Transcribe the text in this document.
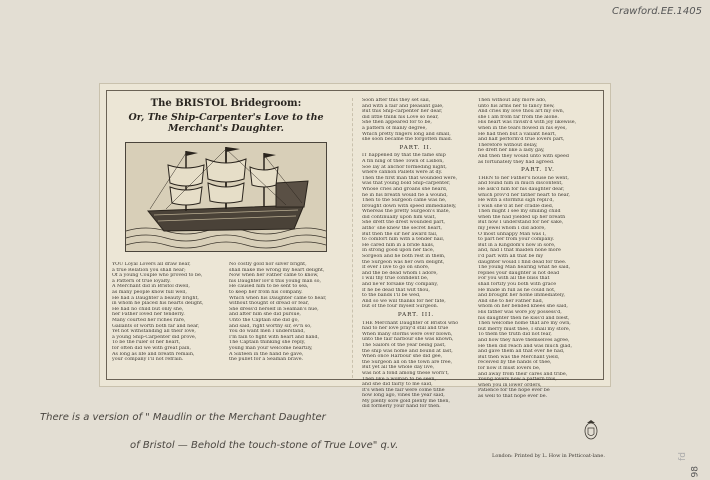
Crawford.EE.1405
The BRISTOL Bridegroom:
Or, The Ship-Carpenter's Love to the Merchant's Daughter.
YOU Loyal Lovers all draw near,
a true Relation you shall hear;
Of a young Couple who proved to be,
a Pattern of true loyalty.
A Merchant did in Bristol dwell,
as many people know full well,
He had a Daughter a beauty bright,
in whom he placed his hearts delight,
He had no child but only she,
her Father loved her tenderly.
Many courted her riches rare,
Gallants of worth both far and near,
Yet not withstanding all their love,
a young Ship-Carpenter did prove,
To be the ruler of her heart,
for often did we with great pain,
As long as life and breath remain,
your company I'll not refrain.
No costly gold nor silver bright,
shall make me wrong my heart delight,
Now when her Father came to know,
his Daughter lov'd this young man so,
He caused him to be sent to sea,
to keep her from his company.
Which when his Daughter came to hear,
without thought of dread or fear,
She dress'd herself in Seaman's hue,
and after him she did pursue,
Unto the Captain she did go,
and said, right worthy sir, ev'n so,
You do want men I understand,
I'm fain to fight with heart and hand,
The Captain thinking she reply,
young man your welcome heartily,
A Sixteen in the hand he gave,
the pullet for a Seaman brave.
Soon after this they set sail,
and with a fair and pleasant gale,
But this Ship-carpenter her dear,
did little think his Love so near,
She then appeared for to be,
a pattern of manly degree,
Which pretty fingers long and small,
she soon became the forgotten maid.
PART. II.
IT happened by that the fame ship
A fin ning of thee Town of Lisbon,
Soe lay at anchor formeding night,
where cannon Pallets were at dy.
Then the first man that wounded were,
was that young bold Ship-carpenter,
Whose cries and groans she heard,
he in his breath would fie a wound,
Then to the Surgeon came was he,
brought down with speed immediately,
Whereas the pretty Surgeon's mate,
did continually upon him wait,
She dreft the drest wounded part,
altho' she knew the secret heart,
But then the sir her award fail,
to comfort him with a tender hail,
He cared him in a bride hails,
In strong good upon her face,
Sorgeon and he both rest in them,
the Surgeon was her own delight,
If ever I live to go on shore,
and the be dead whom I adore,
I will thy true confident be,
and ne'er forsake thy company,
If he be dead that wilt thou,
to the bands I'll be wed,
And so we will thanks for her fate,
but of the four myself Surgeon.
PART. III.
THE Merchant Daughter of Bristol who
had to her love pray'd still and true
When many storms were over blown,
unto the fair harbour she was known,
The Sailors of the year being past,
the ship was home and bound at last,
When once Harbour she did gee,
the Surgeon all on the town are free,
But yet all the whole day live,
was not a fond among these worn't,
Then like a woman to be seen,
and she did fairly to me said,
It's when the fair were come tithe
now long ago, vines the year said,
My plenty sore gold plenty me then,
did formerly your hand for then.
Then without any more ado,
unto his arms her to fancy flew,
And cries my love thou art my own,
she I am from far from the alone.
His heart was ravish'd with joy likewise,
when in the tears flowed in his eyes,
He had then but a valiant heart,
and half perform'd true lovers part,
Therefore without delay,
he dreft her like a lady gay,
And then they would unto with speed
as fortunately they had agreed.
PART. IV.
THEN to her Father's house he went,
and found him in much discontent,
He ask'd him for his daughter dear,
which prov'd her father heart to hear,
He with a stormful sigh repli'd,
I wish she'd at her cradle died,
Then might I see my smiling child
when the had yielded up her breath
But now I understand for her sake,
my Jewel whom I did adore,
O most unhappy Man was I,
to part her from your company.
But in a Kingdom's now in sore,
and, had I that maiden none more
I'd part with all that be my
daughter would I find dead for thee.
The young Man hearing what he said,
replies your daughter is not dead
For you with all the bliss that
shall fortify you both with grace
He made in full as he could not,
and brought her home immediately,
And she to her Father had,
whom on her bended knees she said,
His father was wore joy possess'd,
his daughter then he kiss'd and blest,
Then welcome home that are my own,
but merry must thee, I shall my store,
To them the truth did not fear,
and how they have themselves agree,
He then did reach and was much glad,
and gave them all that ever he had,
But then was the Merchant yield,
received by the hands of thee,
for now it must lovers be,
and away from their cares and tribe,
Young lovers now a pattern this,
when you in lower orders,
Patience for the hope ever be
as well to that hope ever be.
London: Printed by L. How in Petticoat-lane.
There is a version of " Maudlin or the Merchant Daughter
of Bristol — Behold the touch-stone of True Love" q.v.
fd
98
